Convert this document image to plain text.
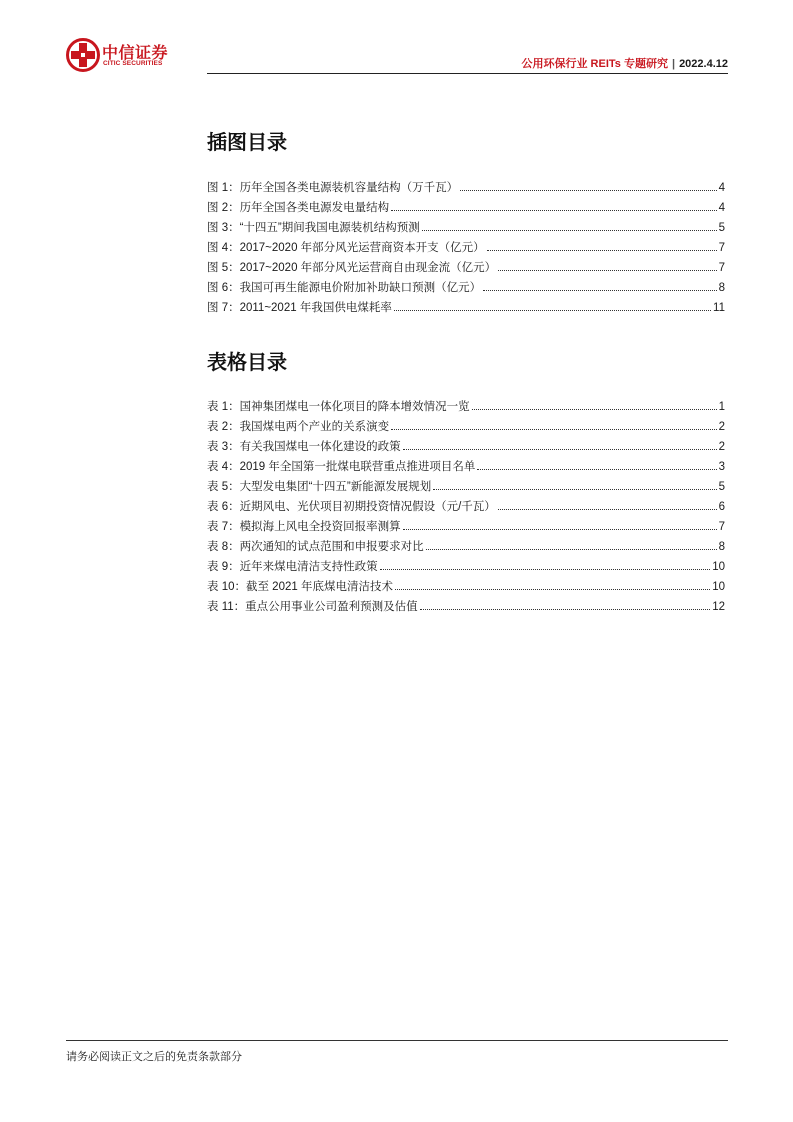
中信证券
CITIC SECURITIES	公用环保行业 REITs 专题研究 | 2022.4.12
插图目录
图 1：历年全国各类电源装机容量结构（万千瓦）	4
图 2：历年全国各类电源发电量结构	4
图 3：“十四五”期间我国电源装机结构预测	5
图 4：2017~2020 年部分风光运营商资本开支（亿元）	7
图 5：2017~2020 年部分风光运营商自由现金流（亿元）	7
图 6：我国可再生能源电价附加补助缺口预测（亿元）	8
图 7：2011~2021 年我国供电煤耗率	11
表格目录
表 1：国神集团煤电一体化项目的降本增效情况一览	1
表 2：我国煤电两个产业的关系演变	2
表 3：有关我国煤电一体化建设的政策	2
表 4：2019 年全国第一批煤电联营重点推进项目名单	3
表 5：大型发电集团“十四五”新能源发展规划	5
表 6：近期风电、光伏项目初期投资情况假设（元/千瓦）	6
表 7：模拟海上风电全投资回报率测算	7
表 8：两次通知的试点范围和申报要求对比	8
表 9：近年来煤电清洁支持性政策	10
表 10：截至 2021 年底煤电清洁技术	10
表 11：重点公用事业公司盈利预测及估值	12
请务必阅读正文之后的免责条款部分
